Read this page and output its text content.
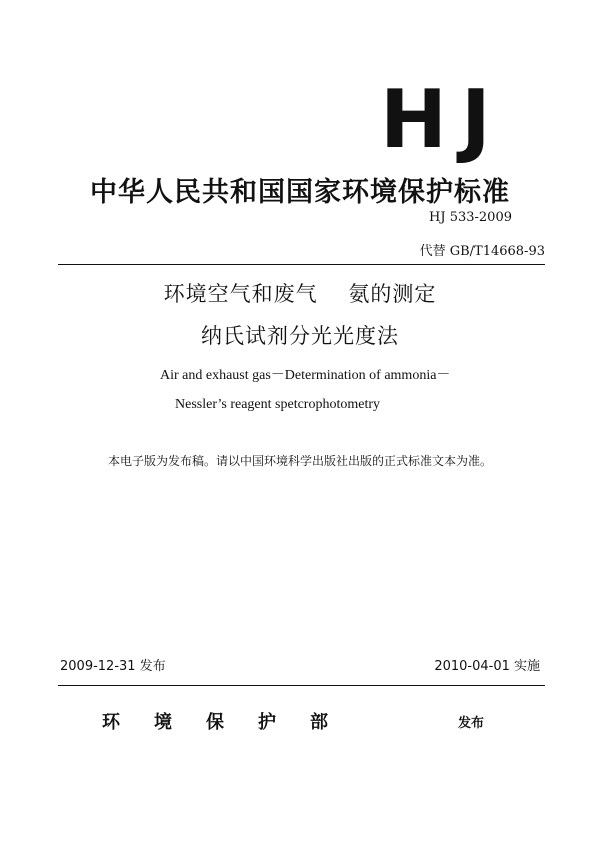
HJ
中华人民共和国国家环境保护标准
HJ 533-2009
代替 GB/T14668-93
环境空气和废气    氨的测定
纳氏试剂分光光度法
Air and exhaust gas－Determination of ammonia－
Nessler’s reagent spetcrophotometry
本电子版为发布稿。请以中国环境科学出版社出版的正式标准文本为准。
2009-12-31 发布	2010-04-01 实施
环境保护部	发布
